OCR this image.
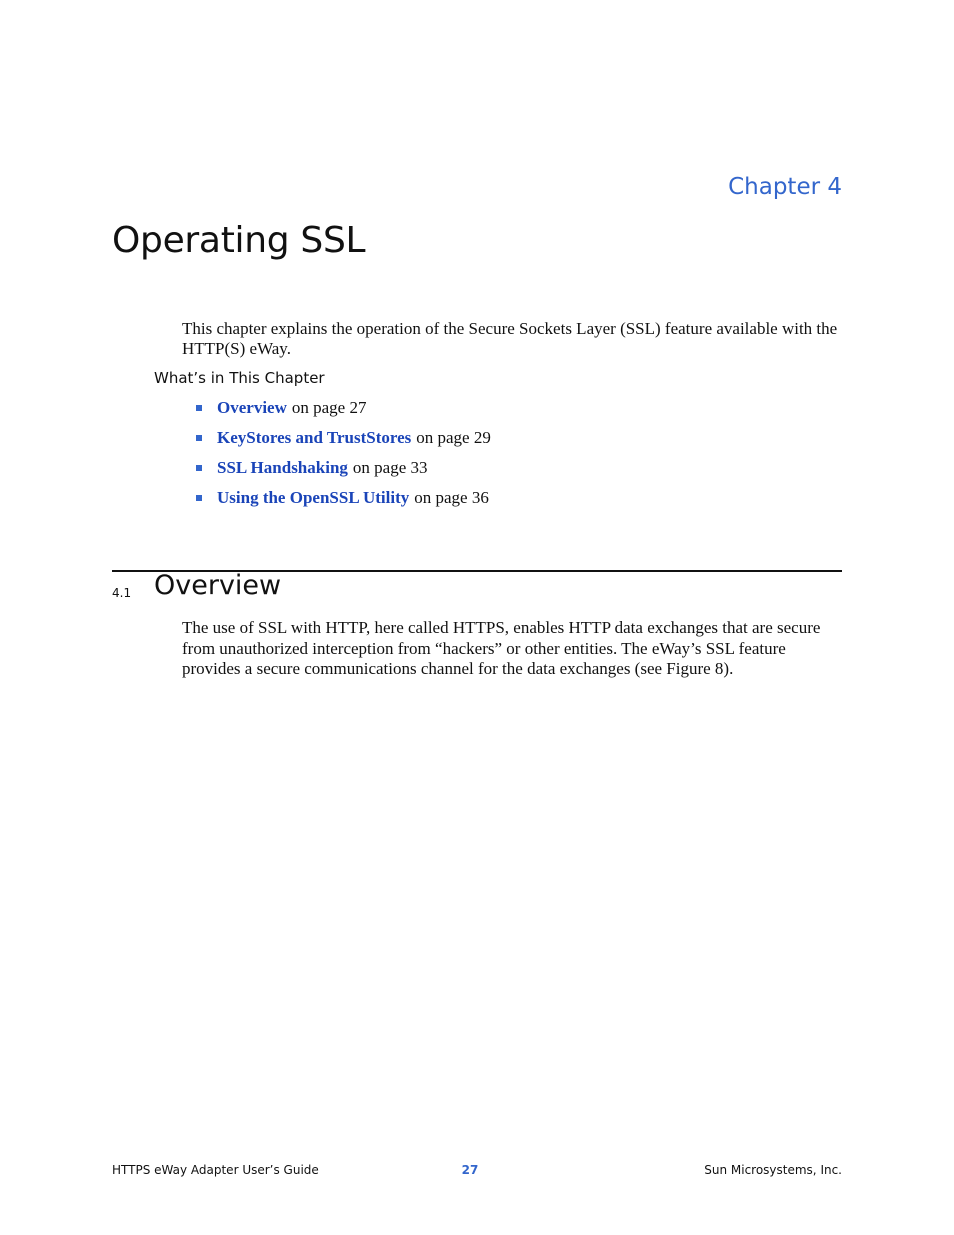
Chapter 4
Operating SSL

This chapter explains the operation of the Secure Sockets Layer (SSL) feature available with the HTTP(S) eWay.

What’s in This Chapter
Overview on page 27
KeyStores and TrustStores on page 29
SSL Handshaking on page 33
Using the OpenSSL Utility on page 36
4.1 Overview

The use of SSL with HTTP, here called HTTPS, enables HTTP data exchanges that are secure from unauthorized interception from “hackers” or other entities. The eWay’s SSL feature provides a secure communications channel for the data exchanges (see Figure 8).

HTTPS eWay Adapter User’s Guide	27	Sun Microsystems, Inc.
